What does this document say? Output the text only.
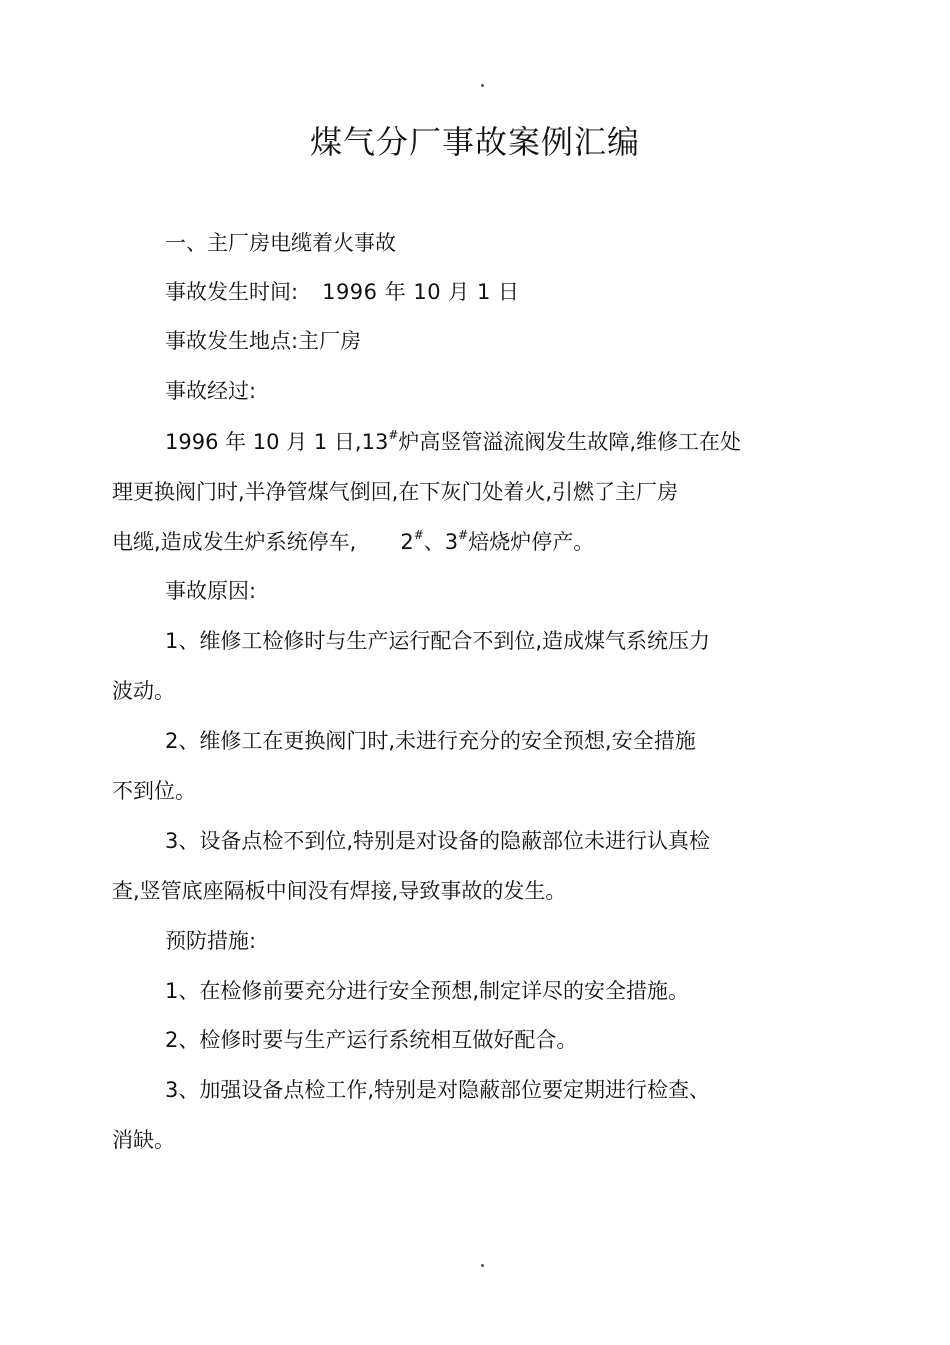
煤气分厂事故案例汇编
一、主厂房电缆着火事故
事故发生时间: 1996 年 10 月 1 日
事故发生地点:主厂房
事故经过:
1996 年 10 月 1 日,13#炉高竖管溢流阀发生故障,维修工在处
理更换阀门时,半净管煤气倒回,在下灰门处着火,引燃了主厂房
电缆,造成发生炉系统停车, 2#、3#焙烧炉停产。
事故原因:
1、维修工检修时与生产运行配合不到位,造成煤气系统压力
波动。
2、维修工在更换阀门时,未进行充分的安全预想,安全措施
不到位。
3、设备点检不到位,特别是对设备的隐蔽部位未进行认真检
查,竖管底座隔板中间没有焊接,导致事故的发生。
预防措施:
1、在检修前要充分进行安全预想,制定详尽的安全措施。
2、检修时要与生产运行系统相互做好配合。
3、加强设备点检工作,特别是对隐蔽部位要定期进行检查、
消缺。
